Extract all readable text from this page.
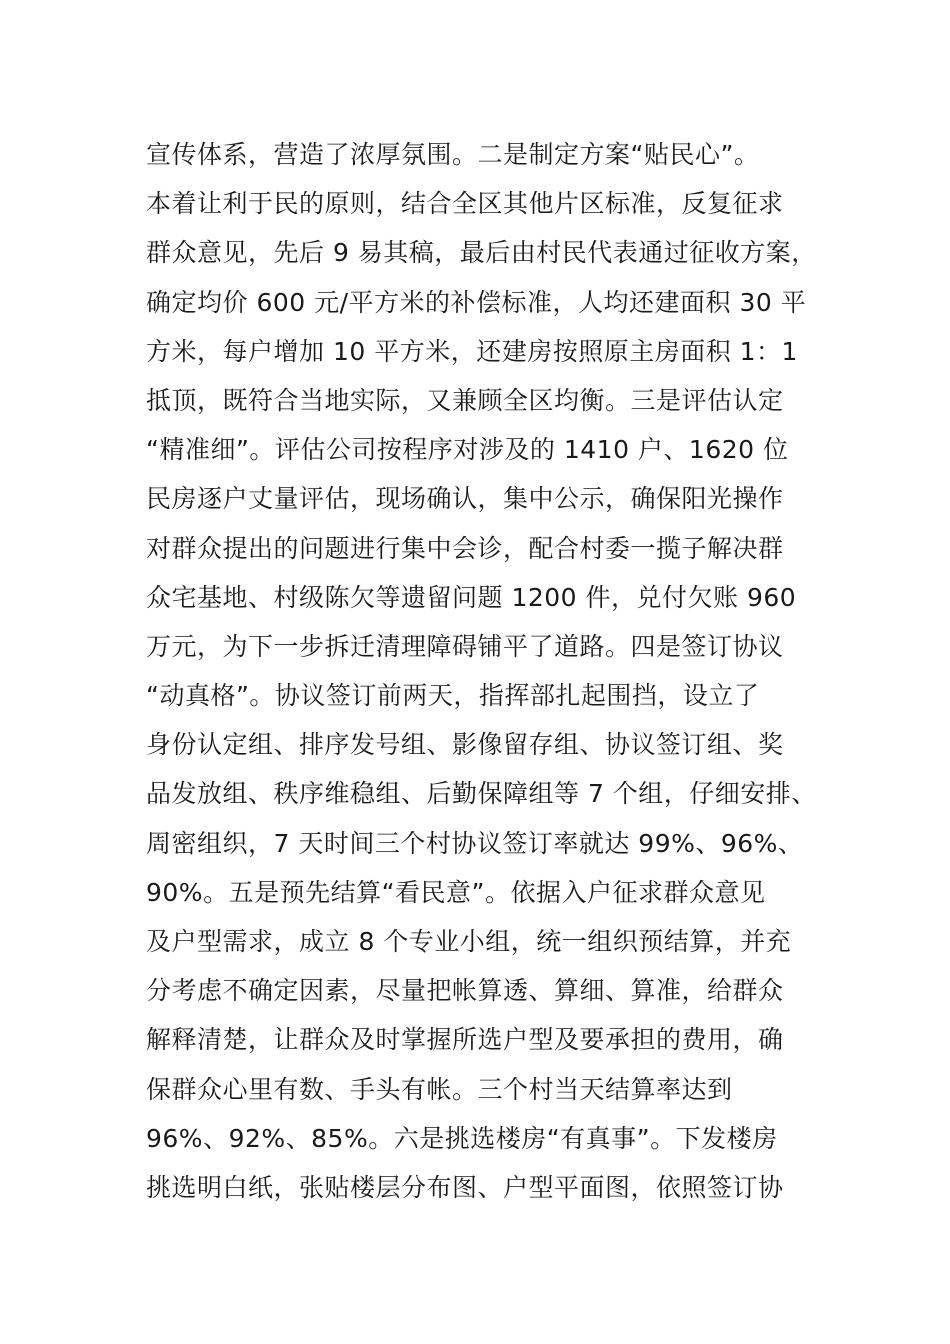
宣传体系，营造了浓厚氛围。二是制定方案“贴民心”。
本着让利于民的原则，结合全区其他片区标准，反复征求
群众意见，先后 9 易其稿，最后由村民代表通过征收方案，
确定均价 600 元/平方米的补偿标准，人均还建面积 30 平
方米，每户增加 10 平方米，还建房按照原主房面积 1：1
抵顶，既符合当地实际，又兼顾全区均衡。三是评估认定
“精准细”。评估公司按程序对涉及的 1410 户、1620 位
民房逐户丈量评估，现场确认，集中公示，确保阳光操作
对群众提出的问题进行集中会诊，配合村委一揽子解决群
众宅基地、村级陈欠等遗留问题 1200 件，兑付欠账 960
万元，为下一步拆迁清理障碍铺平了道路。四是签订协议
“动真格”。协议签订前两天，指挥部扎起围挡，设立了
身份认定组、排序发号组、影像留存组、协议签订组、奖
品发放组、秩序维稳组、后勤保障组等 7 个组，仔细安排、
周密组织，7 天时间三个村协议签订率就达 99%、96%、
90%。五是预先结算“看民意”。依据入户征求群众意见
及户型需求，成立 8 个专业小组，统一组织预结算，并充
分考虑不确定因素，尽量把帐算透、算细、算准，给群众
解释清楚，让群众及时掌握所选户型及要承担的费用，确
保群众心里有数、手头有帐。三个村当天结算率达到
96%、92%、85%。六是挑选楼房“有真事”。下发楼房
挑选明白纸，张贴楼层分布图、户型平面图，依照签订协
